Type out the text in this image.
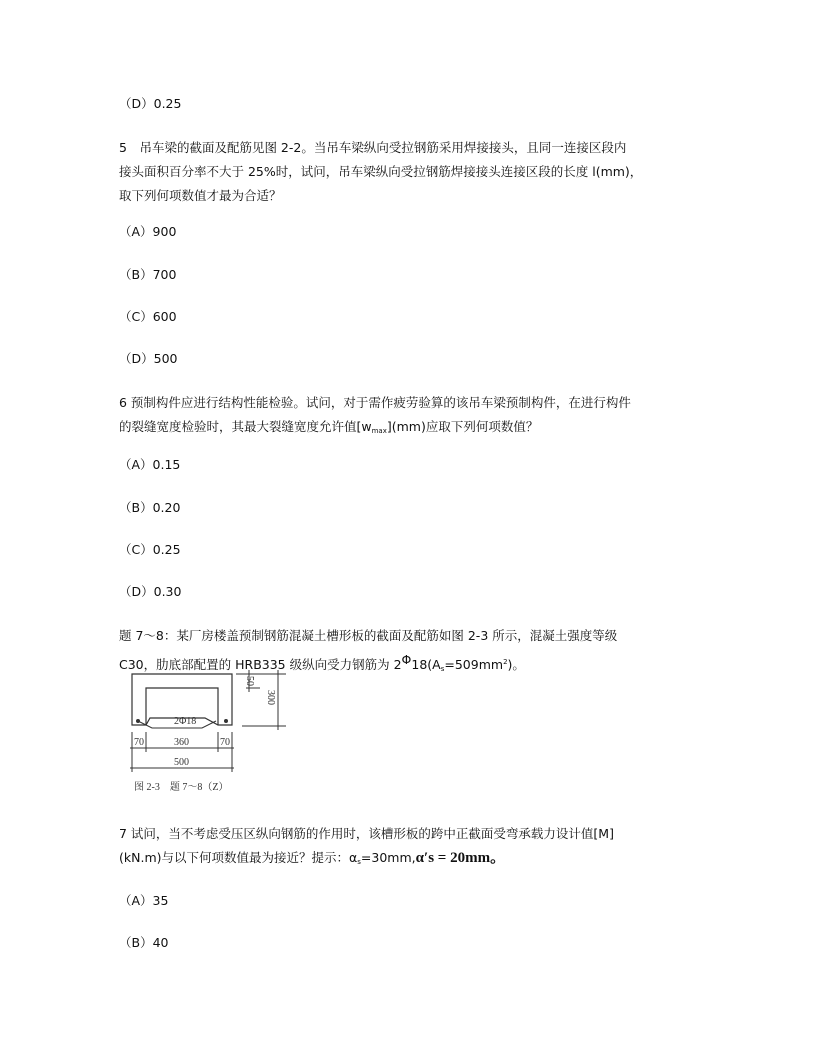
（D）0.25
5　吊车梁的截面及配筋见图 2-2。当吊车梁纵向受拉钢筋采用焊接接头，且同一连接区段内
接头面积百分率不大于 25%时，试问，吊车梁纵向受拉钢筋焊接接头连接区段的长度 l(mm)，
取下列何项数值才最为合适？
（A）900
（B）700
（C）600
（D）500
6 预制构件应进行结构性能检验。试问，对于需作疲劳验算的该吊车梁预制构件，在进行构件
的裂缝宽度检验时，其最大裂缝宽度允许值$[w_{max}](mm)$应取下列何项数值？
（A）0.15
（B）0.20
（C）0.25
（D）0.30
题 7～8：某厂房楼盖预制钢筋混凝土槽形板的截面及配筋如图 2-3 所示，混凝土强度等级
C30，肋底部配置的 HRB335 级纵向受力钢筋为 $2\Phi 18(A_s=509mm^2)$。
2Φ18
50
300
70	360	70
500
图 2-3　题 7～8（Z）
7 试问，当不考虑受压区纵向钢筋的作用时，该槽形板的跨中正截面受弯承载力设计值[M]
(kN.m)与以下何项数值最为接近？提示：$\alpha_s=30mm,\alpha's = 20mm$。
（A）35
（B）40
